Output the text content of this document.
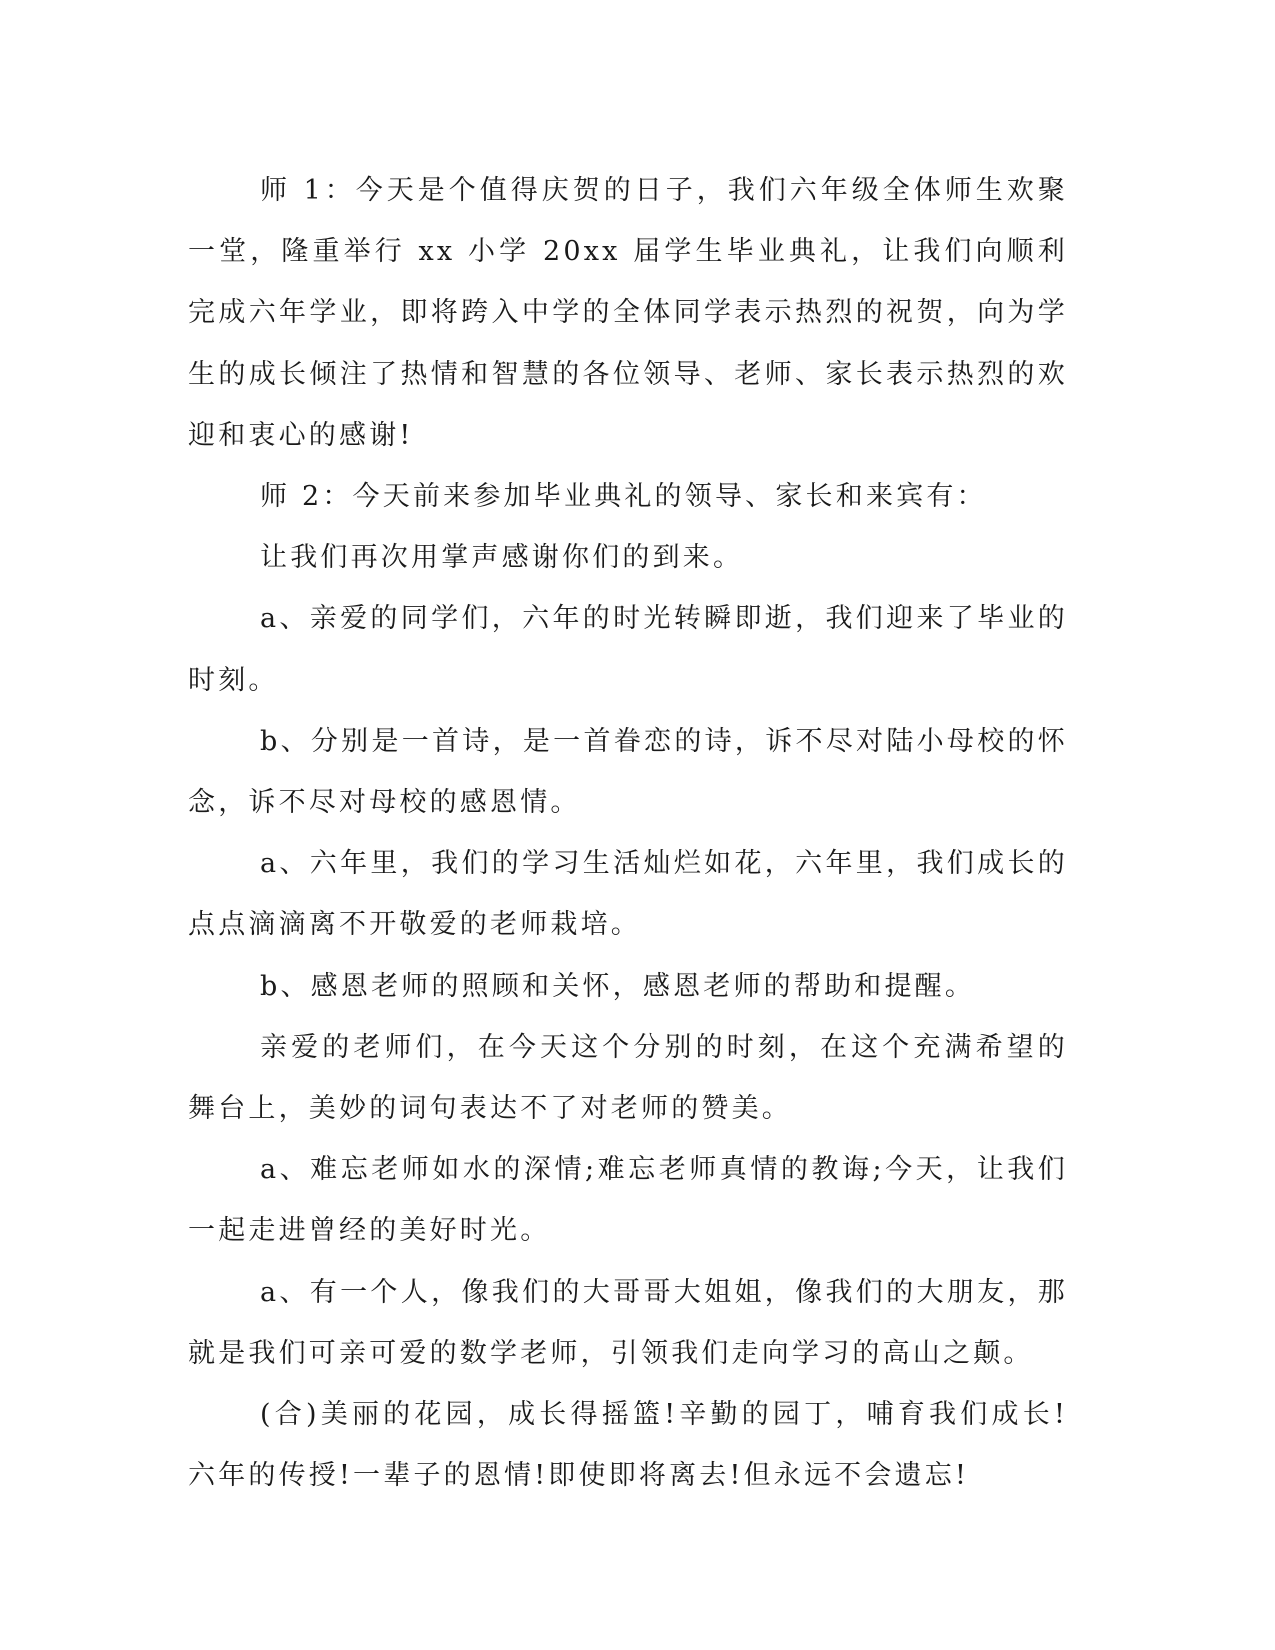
师 1：今天是个值得庆贺的日子，我们六年级全体师生欢聚一堂，隆重举行 xx 小学 20xx 届学生毕业典礼，让我们向顺利完成六年学业，即将跨入中学的全体同学表示热烈的祝贺，向为学生的成长倾注了热情和智慧的各位领导、老师、家长表示热烈的欢迎和衷心的感谢!

师 2：今天前来参加毕业典礼的领导、家长和来宾有：

让我们再次用掌声感谢你们的到来。

a、亲爱的同学们，六年的时光转瞬即逝，我们迎来了毕业的时刻。

b、分别是一首诗，是一首眷恋的诗，诉不尽对陆小母校的怀念，诉不尽对母校的感恩情。

a、六年里，我们的学习生活灿烂如花，六年里，我们成长的点点滴滴离不开敬爱的老师栽培。

b、感恩老师的照顾和关怀，感恩老师的帮助和提醒。

亲爱的老师们，在今天这个分别的时刻，在这个充满希望的舞台上，美妙的词句表达不了对老师的赞美。

a、难忘老师如水的深情;难忘老师真情的教诲;今天，让我们一起走进曾经的美好时光。

a、有一个人，像我们的大哥哥大姐姐，像我们的大朋友，那就是我们可亲可爱的数学老师，引领我们走向学习的高山之颠。

(合)美丽的花园，成长得摇篮!辛勤的园丁，哺育我们成长!六年的传授!一辈子的恩情!即使即将离去!但永远不会遗忘!
